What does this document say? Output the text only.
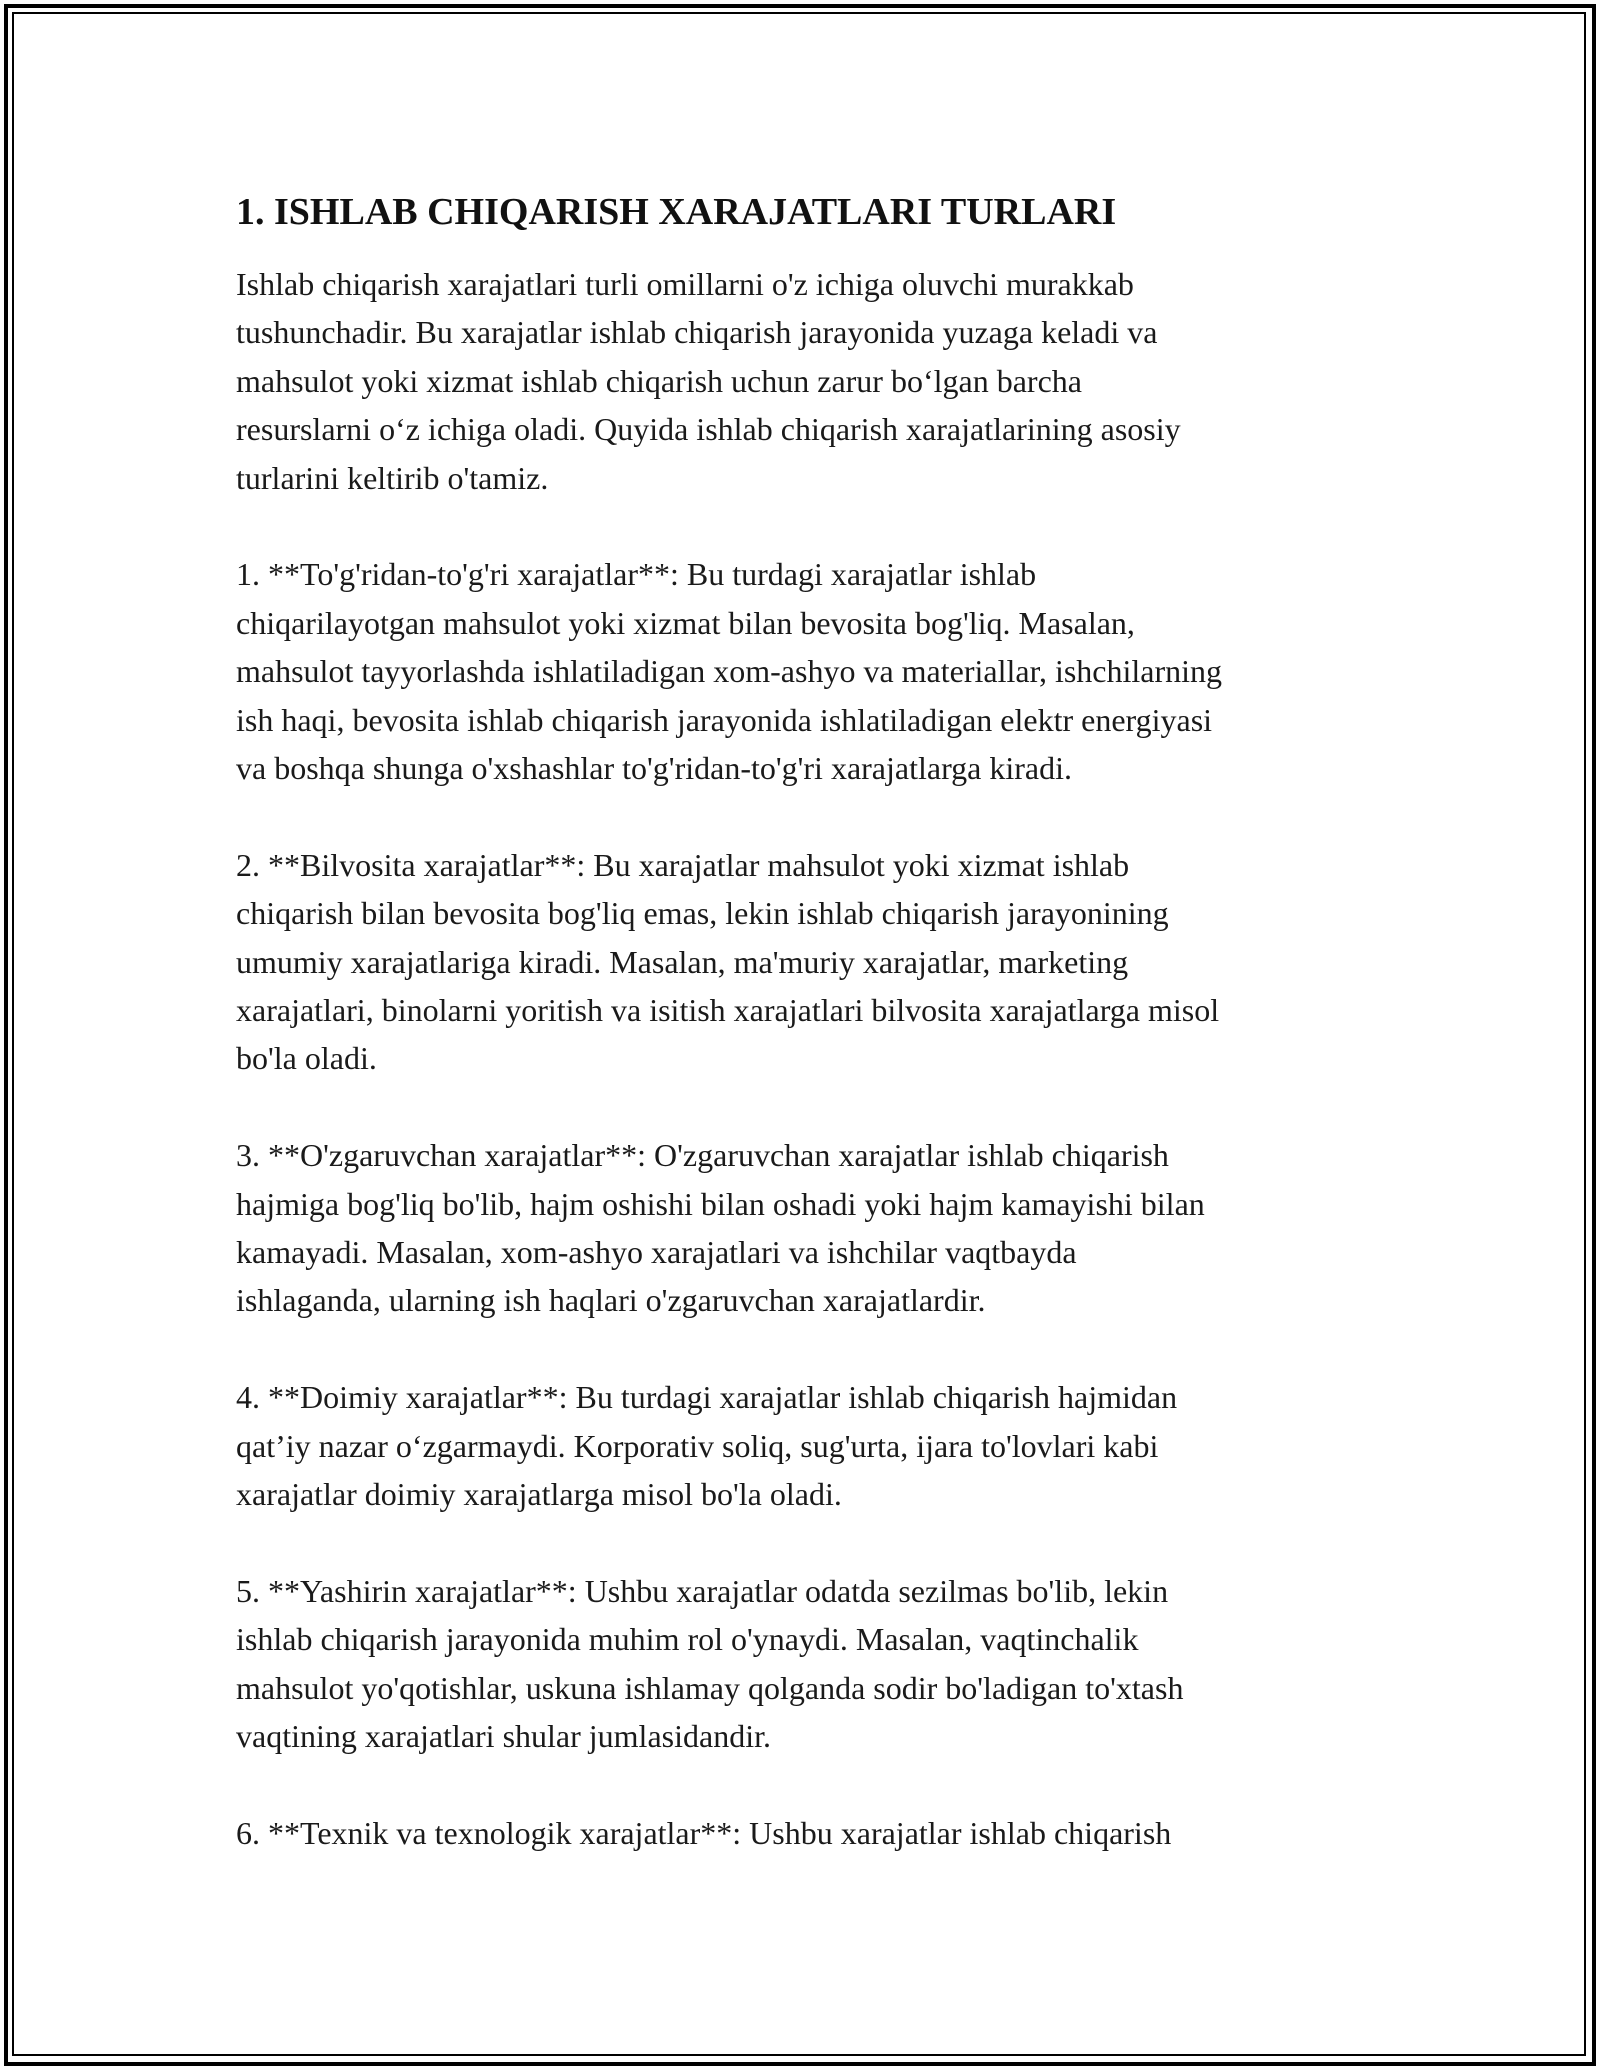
1. ISHLAB CHIQARISH XARAJATLARI TURLARI

Ishlab chiqarish xarajatlari turli omillarni o'z ichiga oluvchi murakkab
tushunchadir. Bu xarajatlar ishlab chiqarish jarayonida yuzaga keladi va
mahsulot yoki xizmat ishlab chiqarish uchun zarur bo‘lgan barcha
resurslarni o‘z ichiga oladi. Quyida ishlab chiqarish xarajatlarining asosiy
turlarini keltirib o'tamiz.

1. **To'g'ridan-to'g'ri xarajatlar**: Bu turdagi xarajatlar ishlab
chiqarilayotgan mahsulot yoki xizmat bilan bevosita bog'liq. Masalan,
mahsulot tayyorlashda ishlatiladigan xom-ashyo va materiallar, ishchilarning
ish haqi, bevosita ishlab chiqarish jarayonida ishlatiladigan elektr energiyasi
va boshqa shunga o'xshashlar to'g'ridan-to'g'ri xarajatlarga kiradi.

2. **Bilvosita xarajatlar**: Bu xarajatlar mahsulot yoki xizmat ishlab
chiqarish bilan bevosita bog'liq emas, lekin ishlab chiqarish jarayonining
umumiy xarajatlariga kiradi. Masalan, ma'muriy xarajatlar, marketing
xarajatlari, binolarni yoritish va isitish xarajatlari bilvosita xarajatlarga misol
bo'la oladi.

3. **O'zgaruvchan xarajatlar**: O'zgaruvchan xarajatlar ishlab chiqarish
hajmiga bog'liq bo'lib, hajm oshishi bilan oshadi yoki hajm kamayishi bilan
kamayadi. Masalan, xom-ashyo xarajatlari va ishchilar vaqtbayda
ishlaganda, ularning ish haqlari o'zgaruvchan xarajatlardir.

4. **Doimiy xarajatlar**: Bu turdagi xarajatlar ishlab chiqarish hajmidan
qat’iy nazar o‘zgarmaydi. Korporativ soliq, sug'urta, ijara to'lovlari kabi
xarajatlar doimiy xarajatlarga misol bo'la oladi.

5. **Yashirin xarajatlar**: Ushbu xarajatlar odatda sezilmas bo'lib, lekin
ishlab chiqarish jarayonida muhim rol o'ynaydi. Masalan, vaqtinchalik
mahsulot yo'qotishlar, uskuna ishlamay qolganda sodir bo'ladigan to'xtash
vaqtining xarajatlari shular jumlasidandir.

6. **Texnik va texnologik xarajatlar**: Ushbu xarajatlar ishlab chiqarish
